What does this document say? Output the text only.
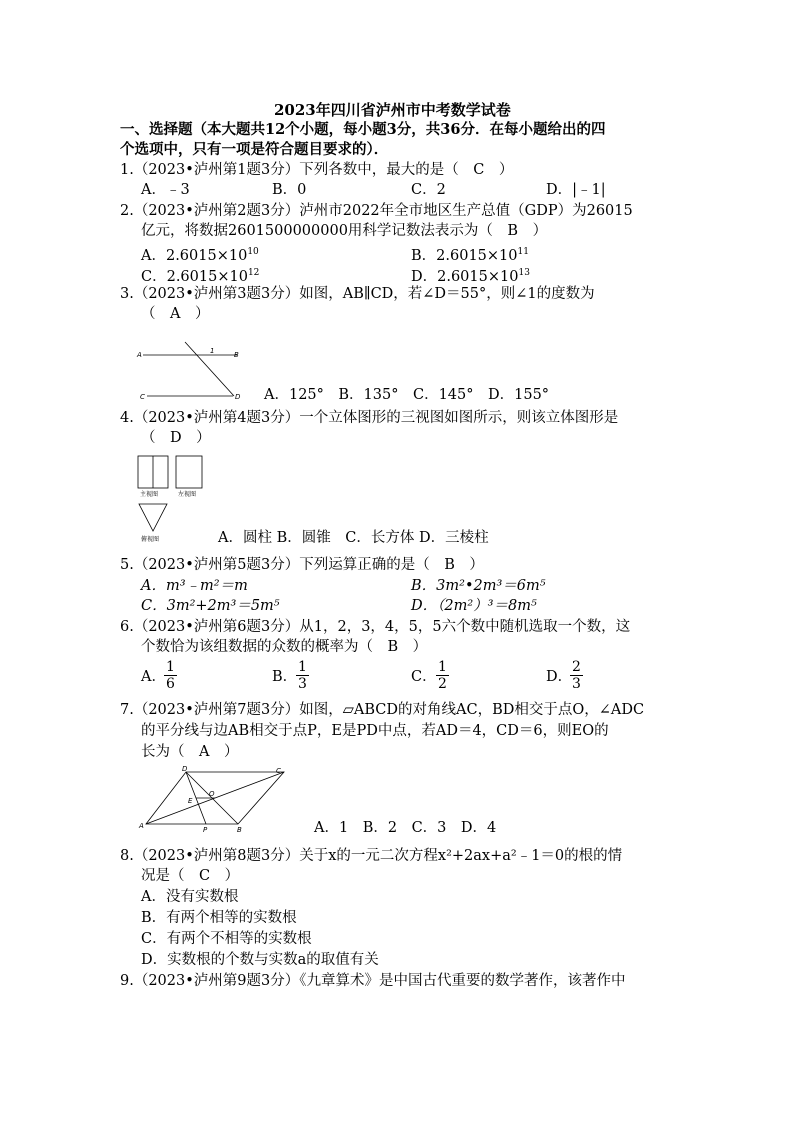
2023年四川省泸州市中考数学试卷
一、选择题（本大题共12个小题，每小题3分，共36分．在每小题给出的四
个选项中，只有一项是符合题目要求的）．
1.（2023•泸州第1题3分）下列各数中，最大的是（　C　）
A．﹣3	B．0	C．2	D．|﹣1|
2.（2023•泸州第2题3分）泸州市2022年全市地区生产总值（GDP）为26015
亿元，将数据2601500000000用科学记数法表示为（　B　）
A．$2.6015\times 10^{10}$	B．$2.6015\times 10^{11}$
C．$2.6015\times 10^{12}$	D．$2.6015\times 10^{13}$
3.（2023•泸州第3题3分）如图，AB∥CD，若∠D＝55°，则∠1的度数为
（　A　）
A	B
C	D
1
A．125°　B．135°　C．145°　D．155°
4.（2023•泸州第4题3分）一个立体图形的三视图如图所示，则该立体图形是
（　D　）
主视图	左视图
俯视图	A．圆柱 B．圆锥　C．长方体 D．三棱柱
5.（2023•泸州第5题3分）下列运算正确的是（　B　）
A．m³﹣m²＝m	B．3m²•2m³＝6m⁵
C．3m²+2m³＝5m⁵	D．（2m²）³＝8m⁵
6.（2023•泸州第6题3分）从1，2，3，4，5，5六个数中随机选取一个数，这
个数恰为该组数据的众数的概率为（　B　）
A．
$\frac{1}{6}$	B．
$\frac{1}{3}$	C． $\frac{1}{2}$	D．
$\frac{2}{3}$
7.（2023•泸州第7题3分）如图，▱ABCD的对角线AC，BD相交于点O，∠ADC
的平分线与边AB相交于点P，E是PD中点，若AD＝4，CD＝6，则EO的
长为（　A　）
A	B
C
D
E
O
P	A．1　B．2　C．3　D．4
8.（2023•泸州第8题3分）关于x的一元二次方程x²+2ax+a²﹣1＝0的根的情
况是（　C　）
A．没有实数根
B．有两个相等的实数根
C．有两个不相等的实数根
D．实数根的个数与实数a的取值有关
9.（2023•泸州第9题3分）《九章算术》是中国古代重要的数学著作，该著作中
